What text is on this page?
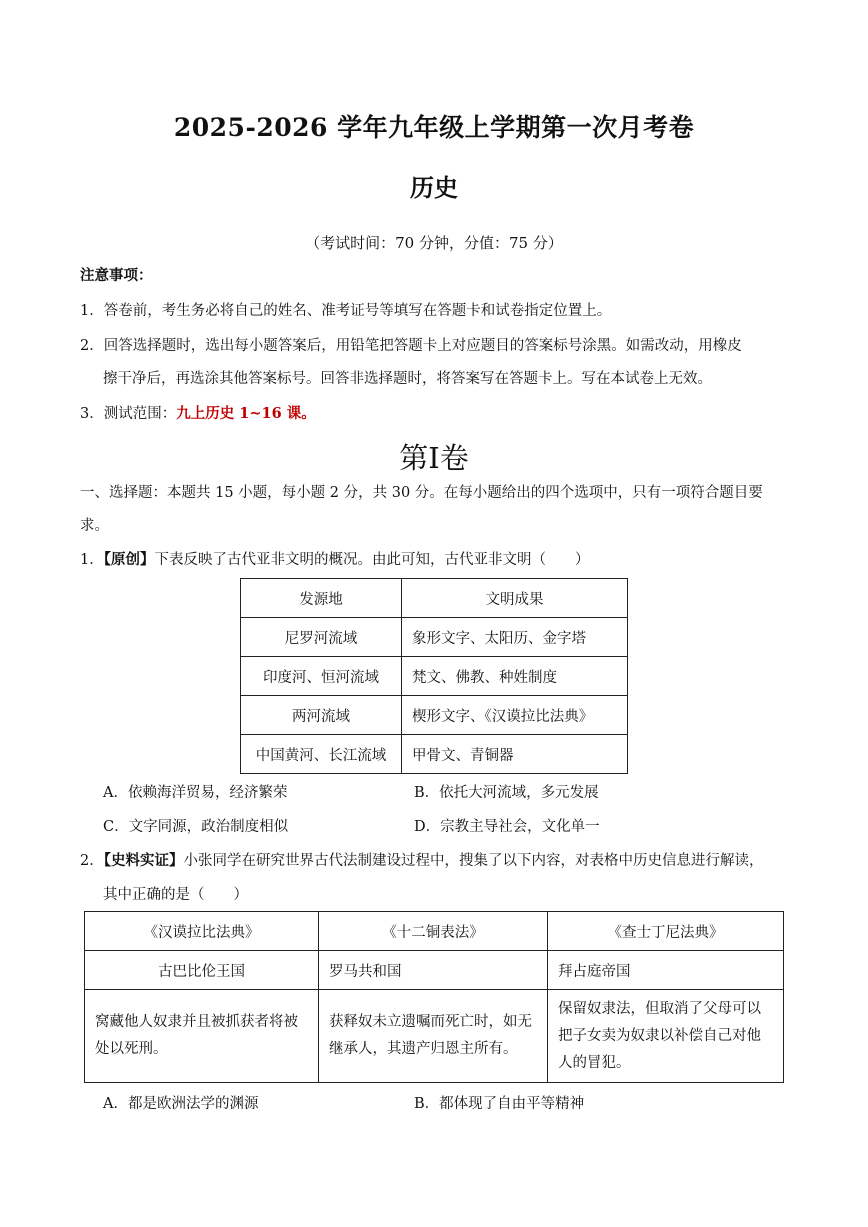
2025-2026 学年九年级上学期第一次月考卷
历史
（考试时间：70 分钟，分值：75 分）
注意事项：
1．答卷前，考生务必将自己的姓名、准考证号等填写在答题卡和试卷指定位置上。
2．回答选择题时，选出每小题答案后，用铅笔把答题卡上对应题目的答案标号涂黑。如需改动，用橡皮
擦干净后，再选涂其他答案标号。回答非选择题时，将答案写在答题卡上。写在本试卷上无效。
3．测试范围：九上历史 1~16 课。
第Ⅰ卷
一、选择题：本题共 15 小题，每小题 2 分，共 30 分。在每小题给出的四个选项中，只有一项符合题目要
求。
1．【原创】下表反映了古代亚非文明的概况。由此可知，古代亚非文明（　　）
发源地	文明成果
尼罗河流域	象形文字、太阳历、金字塔
印度河、恒河流域	梵文、佛教、种姓制度
两河流域	楔形文字、《汉谟拉比法典》
中国黄河、长江流域	甲骨文、青铜器
A．依赖海洋贸易，经济繁荣	B．依托大河流域，多元发展
C．文字同源，政治制度相似	D．宗教主导社会，文化单一
2．【史料实证】小张同学在研究世界古代法制建设过程中，搜集了以下内容，对表格中历史信息进行解读，
其中正确的是（　　）
《汉谟拉比法典》	《十二铜表法》	《查士丁尼法典》
古巴比伦王国	罗马共和国	拜占庭帝国
窝藏他人奴隶并且被抓获者将被处以死刑。	获释奴未立遗嘱而死亡时，如无继承人，其遗产归恩主所有。	保留奴隶法，但取消了父母可以把子女卖为奴隶以补偿自己对他人的冒犯。
A．都是欧洲法学的渊源	B．都体现了自由平等精神
